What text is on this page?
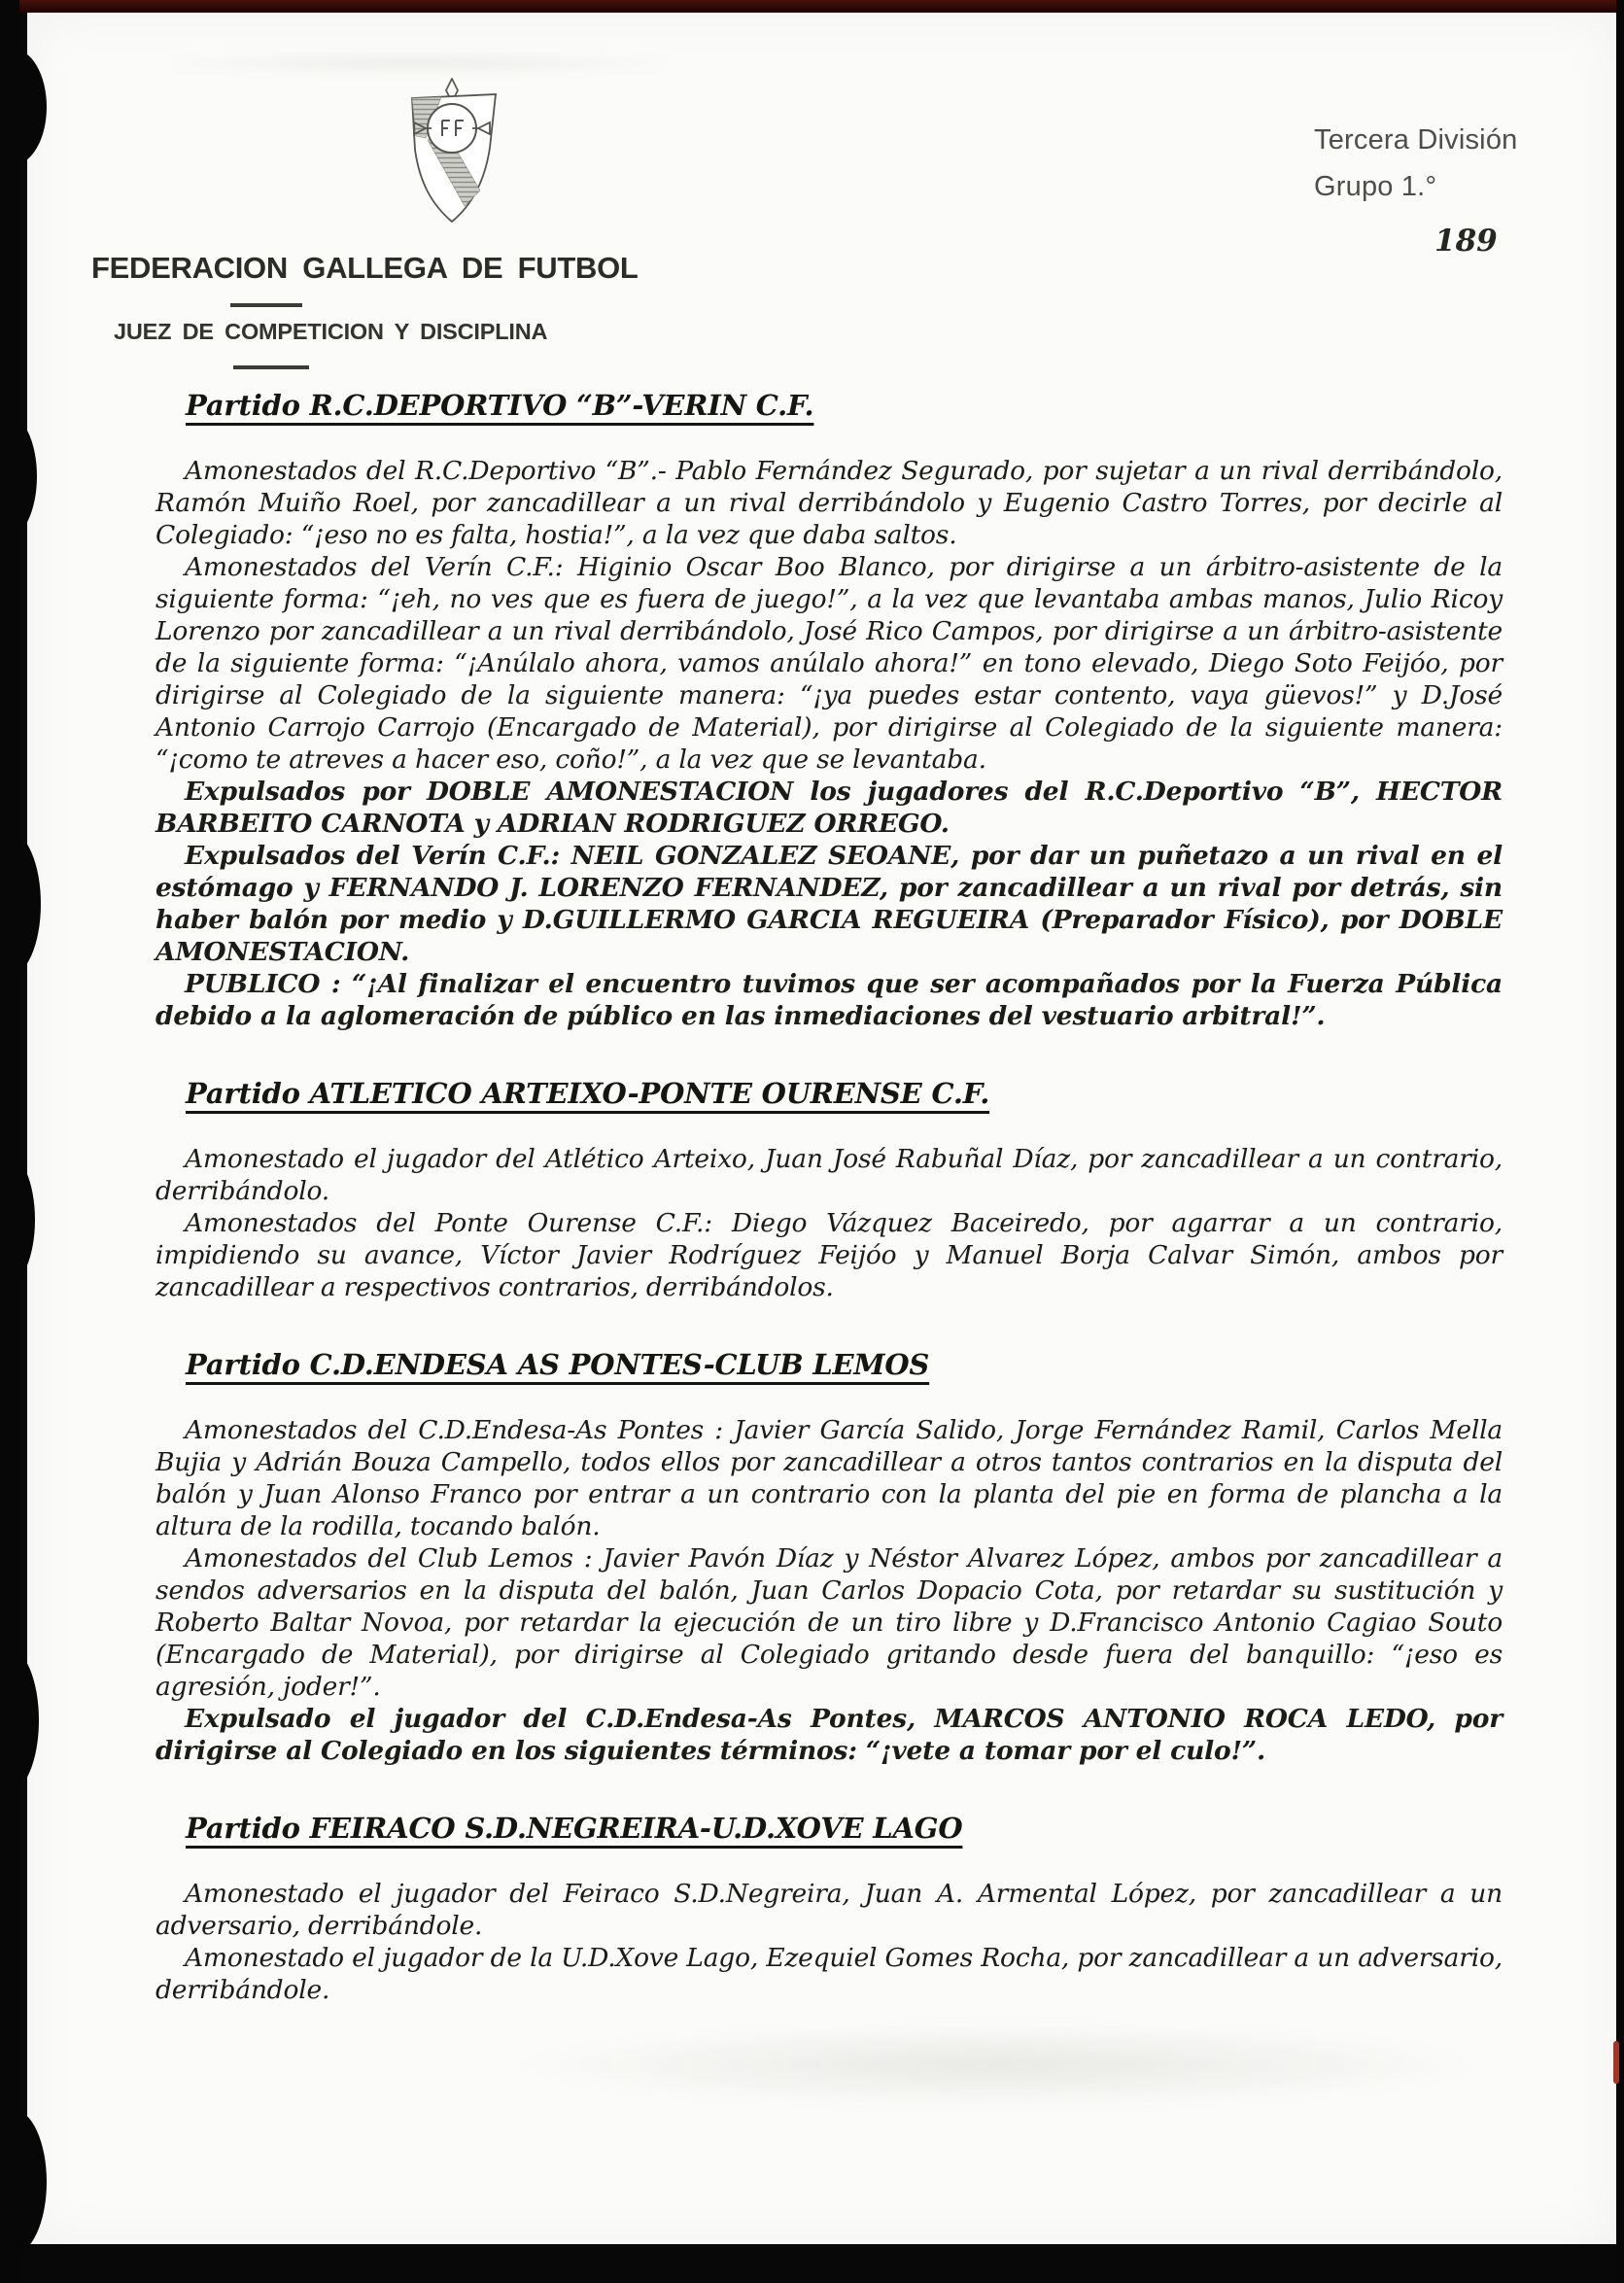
FEDERACION GALLEGA DE FUTBOL
JUEZ DE COMPETICION Y DISCIPLINA
Tercera División
Grupo 1.°
189
Partido R.C.DEPORTIVO “B”-VERIN C.F.

Amonestados del R.C.Deportivo “B”.- Pablo Fernández Segurado, por sujetar a un rival derribándolo, Ramón Muiño Roel, por zancadillear a un rival derribándolo y Eugenio Castro Torres, por decirle al Colegiado: “¡eso no es falta, hostia!”, a la vez que daba saltos.

Amonestados del Verín C.F.: Higinio Oscar Boo Blanco, por dirigirse a un árbitro-asistente de la siguiente forma: “¡eh, no ves que es fuera de juego!”, a la vez que levantaba ambas manos, Julio Ricoy Lorenzo por zancadillear a un rival derribándolo, José Rico Campos, por dirigirse a un árbitro-asistente de la siguiente forma: “¡Anúlalo ahora, vamos anúlalo ahora!” en tono elevado, Diego Soto Feijóo, por dirigirse al Colegiado de la siguiente manera: “¡ya puedes estar contento, vaya güevos!” y D.José Antonio Carrojo Carrojo (Encargado de Material), por dirigirse al Colegiado de la siguiente manera: “¡como te atreves a hacer eso, coño!”, a la vez que se levantaba.

Expulsados por DOBLE AMONESTACION los jugadores del R.C.Deportivo “B”, HECTOR BARBEITO CARNOTA y ADRIAN RODRIGUEZ ORREGO.

Expulsados del Verín C.F.: NEIL GONZALEZ SEOANE, por dar un puñetazo a un rival en el estómago y FERNANDO J. LORENZO FERNANDEZ, por zancadillear a un rival por detrás, sin haber balón por medio y D.GUILLERMO GARCIA REGUEIRA (Preparador Físico), por DOBLE AMONESTACION.

PUBLICO : “¡Al finalizar el encuentro tuvimos que ser acompañados por la Fuerza Pública debido a la aglomeración de público en las inmediaciones del vestuario arbitral!”.

Partido ATLETICO ARTEIXO-PONTE OURENSE C.F.

Amonestado el jugador del Atlético Arteixo, Juan José Rabuñal Díaz, por zancadillear a un contrario, derribándolo.

Amonestados del Ponte Ourense C.F.: Diego Vázquez Baceiredo, por agarrar a un contrario, impidiendo su avance, Víctor Javier Rodríguez Feijóo y Manuel Borja Calvar Simón, ambos por zancadillear a respectivos contrarios, derribándolos.

Partido C.D.ENDESA AS PONTES-CLUB LEMOS

Amonestados del C.D.Endesa-As Pontes : Javier García Salido, Jorge Fernández Ramil, Carlos Mella Bujia y Adrián Bouza Campello, todos ellos por zancadillear a otros tantos contrarios en la disputa del balón y Juan Alonso Franco por entrar a un contrario con la planta del pie en forma de plancha a la altura de la rodilla, tocando balón.

Amonestados del Club Lemos : Javier Pavón Díaz y Néstor Alvarez López, ambos por zancadillear a sendos adversarios en la disputa del balón, Juan Carlos Dopacio Cota, por retardar su sustitución y Roberto Baltar Novoa, por retardar la ejecución de un tiro libre y D.Francisco Antonio Cagiao Souto (Encargado de Material), por dirigirse al Colegiado gritando desde fuera del banquillo: “¡eso es agresión, joder!”.

Expulsado el jugador del C.D.Endesa-As Pontes, MARCOS ANTONIO ROCA LEDO, por dirigirse al Colegiado en los siguientes términos: “¡vete a tomar por el culo!”.

Partido FEIRACO S.D.NEGREIRA-U.D.XOVE LAGO

Amonestado el jugador del Feiraco S.D.Negreira, Juan A. Armental López, por zancadillear a un adversario, derribándole.

Amonestado el jugador de la U.D.Xove Lago, Ezequiel Gomes Rocha, por zancadillear a un adversario, derribándole.
